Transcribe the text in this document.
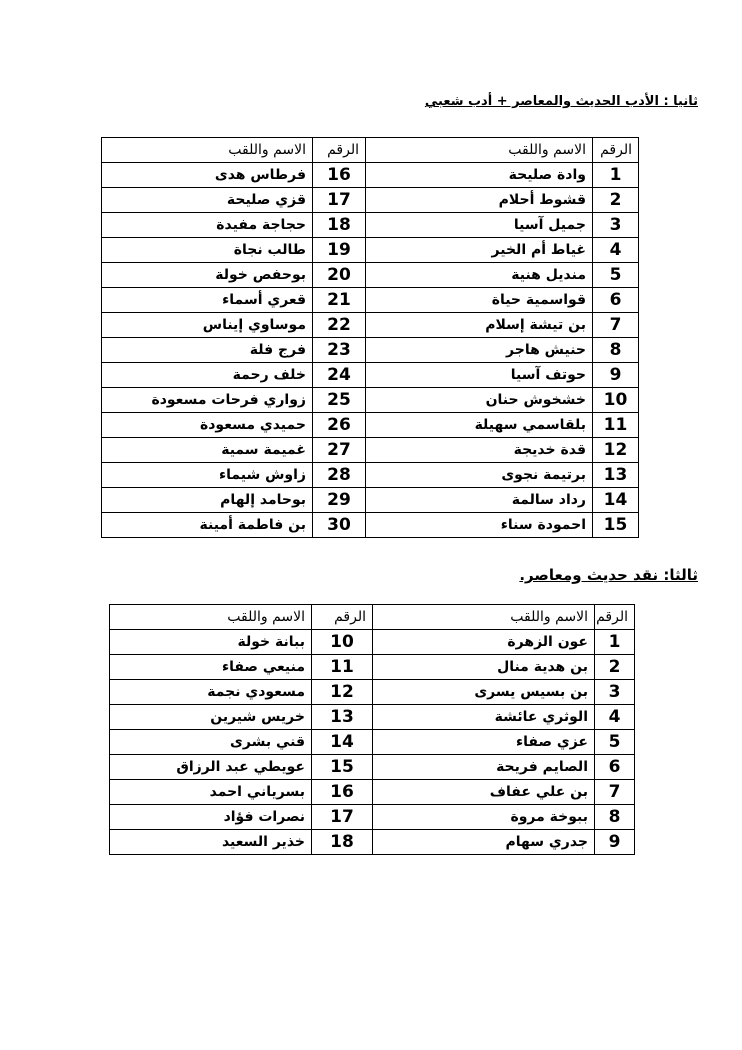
ثانيا : الأدب الحديث والمعاصر + أدب شعبي
الرقم	الاسم واللقب	الرقم	الاسم واللقب
1	وادة صليحة	16	فرطاس هدى
2	قشوط أحلام	17	قزي صليحة
3	جميل آسيا	18	حجاجة مفيدة
4	غياط أم الخير	19	طالب نجاة
5	منديل هنية	20	بوحفص خولة
6	قواسمية حياة	21	قعري أسماء
7	بن تيشة إسلام	22	موساوي إيناس
8	حنيش هاجر	23	فرج فلة
9	حوتف آسيا	24	خلف رحمة
10	خشخوش حنان	25	زواري فرحات مسعودة
11	بلقاسمي سهيلة	26	حميدي مسعودة
12	قدة خديجة	27	غميمة سمية
13	برتيمة نجوى	28	زاوش شيماء
14	رداد سالمة	29	بوحامد إلهام
15	احمودة سناء	30	بن فاطمة أمينة
ثالثا: نقد حديث ومعاصر.
الرقم	الاسم واللقب	الرقم	الاسم واللقب
1	عون الزهرة	10	ببانة خولة
2	بن هدية منال	11	منيعي صفاء
3	بن بسيس يسرى	12	مسعودي نجمة
4	الوثري عائشة	13	خريس شيرين
5	عزي صفاء	14	قني بشرى
6	الصايم فريحة	15	عويطي عبد الرزاق
7	بن علي عفاف	16	بسرياني احمد
8	ببوخة مروة	17	نصرات فؤاد
9	جدري سهام	18	خذير السعيد
